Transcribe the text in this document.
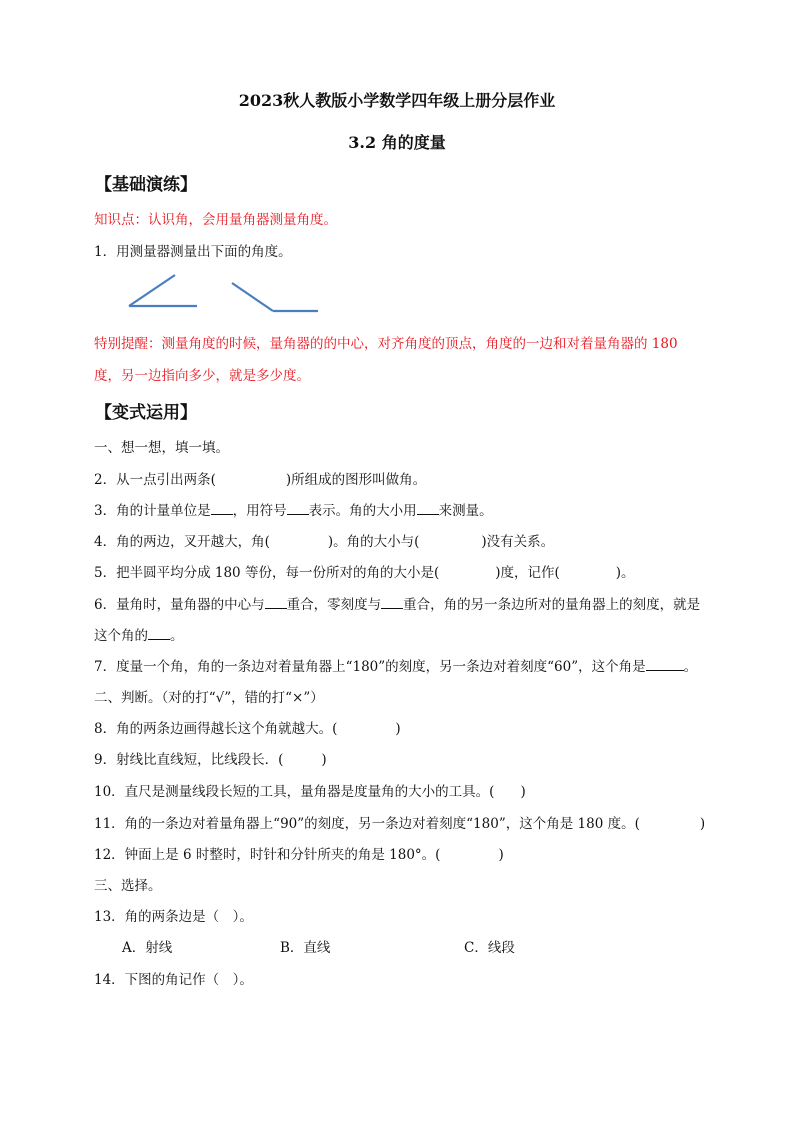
2023秋人教版小学数学四年级上册分层作业
3.2 角的度量
【基础演练】
知识点：认识角，会用量角器测量角度。
1．用测量器测量出下面的角度。
特别提醒：测量角度的时候，量角器的的中心，对齐角度的顶点，角度的一边和对着量角器的 180
度，另一边指向多少，就是多少度。
【变式运用】
一、想一想，填一填。
2．从一点引出两条(	)所组成的图形叫做角。
3．角的计量单位是 ，用符号 表示。角的大小用 来测量。
4．角的两边，叉开越大，角(	)。角的大小与(	)没有关系。
5．把半圆平均分成 180 等份，每一份所对的角的大小是(	)度，记作(	)。
6．量角时，量角器的中心与 重合，零刻度与 重合，角的另一条边所对的量角器上的刻度，就是
这个角的 。
7．度量一个角，角的一条边对着量角器上“180”的刻度，另一条边对着刻度“60”，这个角是	。
二、判断。（对的打“√”，错的打“×”）
8．角的两条边画得越长这个角就越大。(	)
9．射线比直线短，比线段长．(	)
10．直尺是测量线段长短的工具，量角器是度量角的大小的工具。( )
11．角的一条边对着量角器上“90”的刻度，另一条边对着刻度“180”，这个角是 180 度。(	)
12．钟面上是 6 时整时，时针和分针所夹的角是 180°。(	)
三、选择。
13．角的两条边是（　）。
A．射线	B．直线	C．线段
14．下图的角记作（　）。
